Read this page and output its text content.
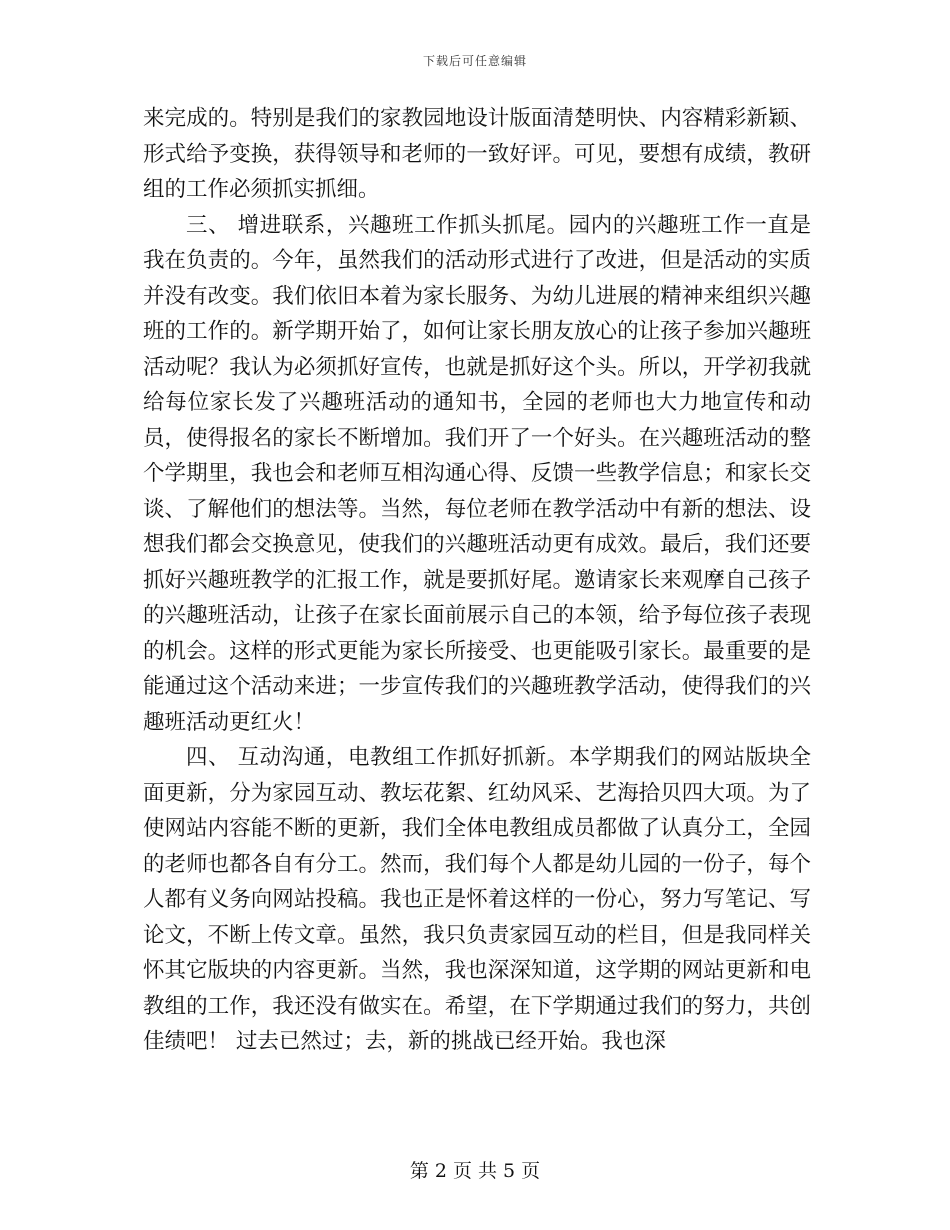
下载后可任意编辑

来完成的。特别是我们的家教园地设计版面清楚明快、内容精彩新颖、形式给予变换，获得领导和老师的一致好评。可见，要想有成绩，教研组的工作必须抓实抓细。

三、 增进联系，兴趣班工作抓头抓尾。园内的兴趣班工作一直是我在负责的。今年，虽然我们的活动形式进行了改进，但是活动的实质并没有改变。我们依旧本着为家长服务、为幼儿进展的精神来组织兴趣班的工作的。新学期开始了，如何让家长朋友放心的让孩子参加兴趣班活动呢？我认为必须抓好宣传，也就是抓好这个头。所以，开学初我就给每位家长发了兴趣班活动的通知书，全园的老师也大力地宣传和动员，使得报名的家长不断增加。我们开了一个好头。在兴趣班活动的整个学期里，我也会和老师互相沟通心得、反馈一些教学信息；和家长交谈、了解他们的想法等。当然，每位老师在教学活动中有新的想法、设想我们都会交换意见，使我们的兴趣班活动更有成效。最后，我们还要抓好兴趣班教学的汇报工作，就是要抓好尾。邀请家长来观摩自己孩子的兴趣班活动，让孩子在家长面前展示自己的本领，给予每位孩子表现的机会。这样的形式更能为家长所接受、也更能吸引家长。最重要的是能通过这个活动来进；一步宣传我们的兴趣班教学活动，使得我们的兴趣班活动更红火！

四、 互动沟通，电教组工作抓好抓新。本学期我们的网站版块全面更新，分为家园互动、教坛花絮、红幼风采、艺海拾贝四大项。为了使网站内容能不断的更新，我们全体电教组成员都做了认真分工，全园的老师也都各自有分工。然而，我们每个人都是幼儿园的一份子，每个人都有义务向网站投稿。我也正是怀着这样的一份心，努力写笔记、写论文，不断上传文章。虽然，我只负责家园互动的栏目，但是我同样关怀其它版块的内容更新。当然，我也深深知道，这学期的网站更新和电教组的工作，我还没有做实在。希望，在下学期通过我们的努力，共创佳绩吧！ 过去已然过；去，新的挑战已经开始。我也深

第 2 页 共 5 页
